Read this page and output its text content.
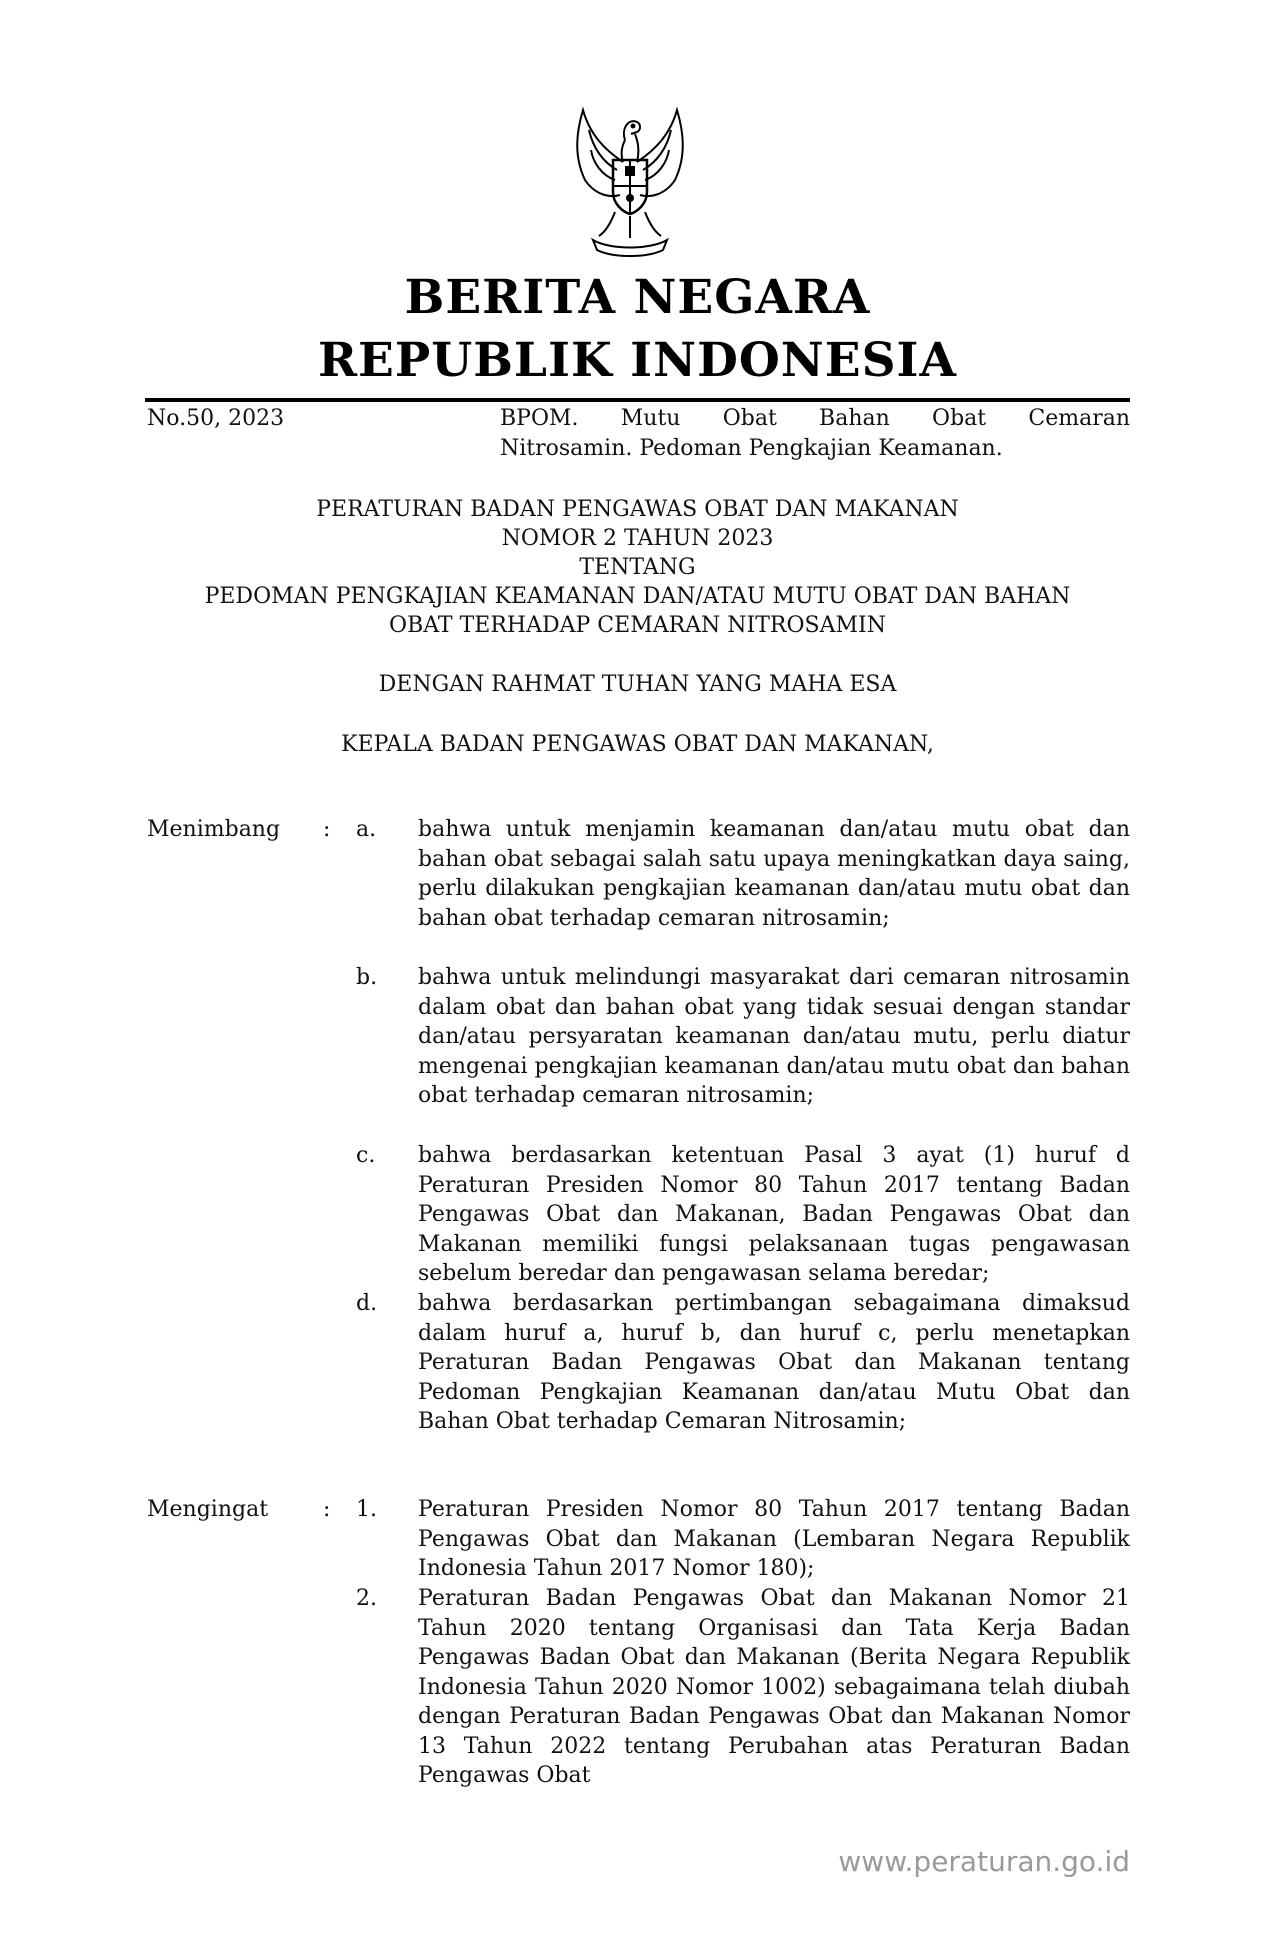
BERITA NEGARA
REPUBLIK INDONESIA
No.50, 2023	BPOM. Mutu Obat Bahan Obat Cemaran
Nitrosamin. Pedoman Pengkajian Keamanan.
PERATURAN BADAN PENGAWAS OBAT DAN MAKANAN
NOMOR 2 TAHUN 2023
TENTANG
PEDOMAN PENGKAJIAN KEAMANAN DAN/ATAU MUTU OBAT DAN BAHAN
OBAT TERHADAP CEMARAN NITROSAMIN
DENGAN RAHMAT TUHAN YANG MAHA ESA
KEPALA BADAN PENGAWAS OBAT DAN MAKANAN,
Menimbang : a. bahwa untuk menjamin keamanan dan/atau mutu obat dan bahan obat sebagai salah satu upaya meningkatkan daya saing, perlu dilakukan pengkajian keamanan dan/atau mutu obat dan bahan obat terhadap cemaran nitrosamin;
b. bahwa untuk melindungi masyarakat dari cemaran nitrosamin dalam obat dan bahan obat yang tidak sesuai dengan standar dan/atau persyaratan keamanan dan/atau mutu, perlu diatur mengenai pengkajian keamanan dan/atau mutu obat dan bahan obat terhadap cemaran nitrosamin;
c. bahwa berdasarkan ketentuan Pasal 3 ayat (1) huruf d Peraturan Presiden Nomor 80 Tahun 2017 tentang Badan Pengawas Obat dan Makanan, Badan Pengawas Obat dan Makanan memiliki fungsi pelaksanaan tugas pengawasan sebelum beredar dan pengawasan selama beredar;
d. bahwa berdasarkan pertimbangan sebagaimana dimaksud dalam huruf a, huruf b, dan huruf c, perlu menetapkan Peraturan Badan Pengawas Obat dan Makanan tentang Pedoman Pengkajian Keamanan dan/atau Mutu Obat dan Bahan Obat terhadap Cemaran Nitrosamin;
Mengingat : 1. Peraturan Presiden Nomor 80 Tahun 2017 tentang Badan Pengawas Obat dan Makanan (Lembaran Negara Republik Indonesia Tahun 2017 Nomor 180);
2. Peraturan Badan Pengawas Obat dan Makanan Nomor 21 Tahun 2020 tentang Organisasi dan Tata Kerja Badan Pengawas Badan Obat dan Makanan (Berita Negara Republik Indonesia Tahun 2020 Nomor 1002) sebagaimana telah diubah dengan Peraturan Badan Pengawas Obat dan Makanan Nomor 13 Tahun 2022 tentang Perubahan atas Peraturan Badan Pengawas Obat
www.peraturan.go.id
